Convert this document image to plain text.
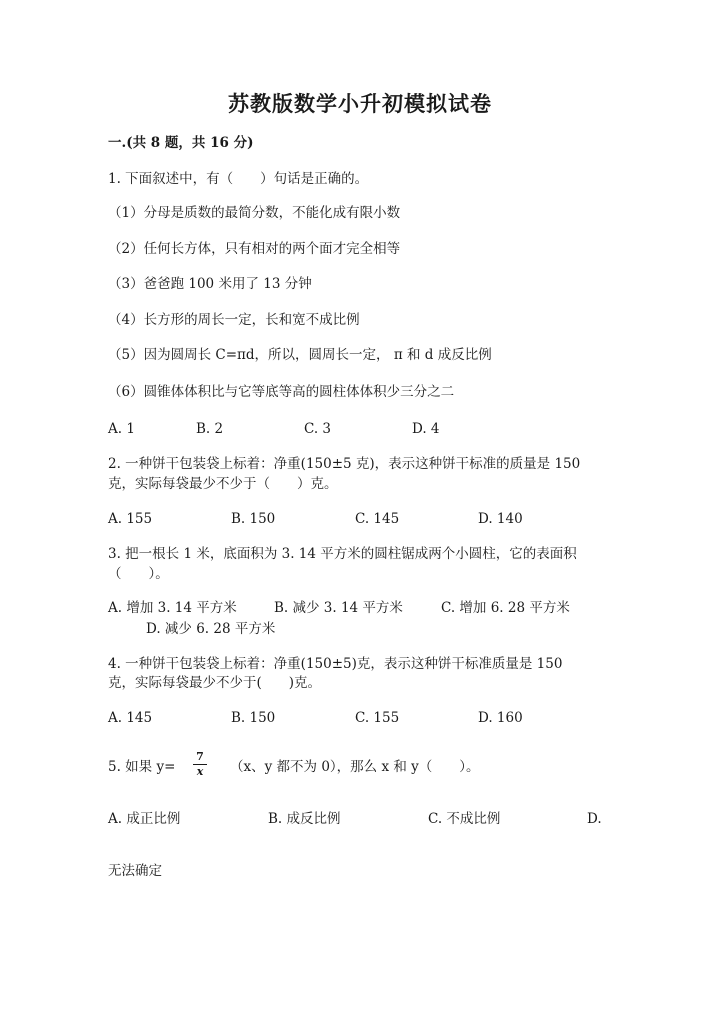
苏教版数学小升初模拟试卷
一.(共 8 题，共 16 分)
1. 下面叙述中，有（　　）句话是正确的。
（1）分母是质数的最简分数，不能化成有限小数
（2）任何长方体，只有相对的两个面才完全相等
（3）爸爸跑 100 米用了 13 分钟
（4）长方形的周长一定，长和宽不成比例
（5）因为圆周长 C=πd，所以，圆周长一定， π 和 d 成反比例
（6）圆锥体体积比与它等底等高的圆柱体体积少三分之二
A. 1	B. 2	C. 3	D. 4
2. 一种饼干包装袋上标着：净重(150±5 克)，表示这种饼干标准的质量是 150
克，实际每袋最少不少于（　　）克。
A. 155	B. 150	C. 145	D. 140
3. 把一根长 1 米，底面积为 3. 14 平方米的圆柱锯成两个小圆柱，它的表面积
（　　）。
A. 增加 3. 14 平方米	B. 减少 3. 14 平方米	C. 增加 6. 28 平方米
D. 减少 6. 28 平方米
4. 一种饼干包装袋上标着：净重(150±5)克，表示这种饼干标准质量是 150
克，实际每袋最少不少于(　　)克。
A. 145	B. 150	C. 155	D. 160
5. 如果 $y= \frac{7}{x} (x$、y 都不为 0），那么 x 和 y（　　）。
A. 成正比例	B. 成反比例	C. 不成比例	D.
无法确定
